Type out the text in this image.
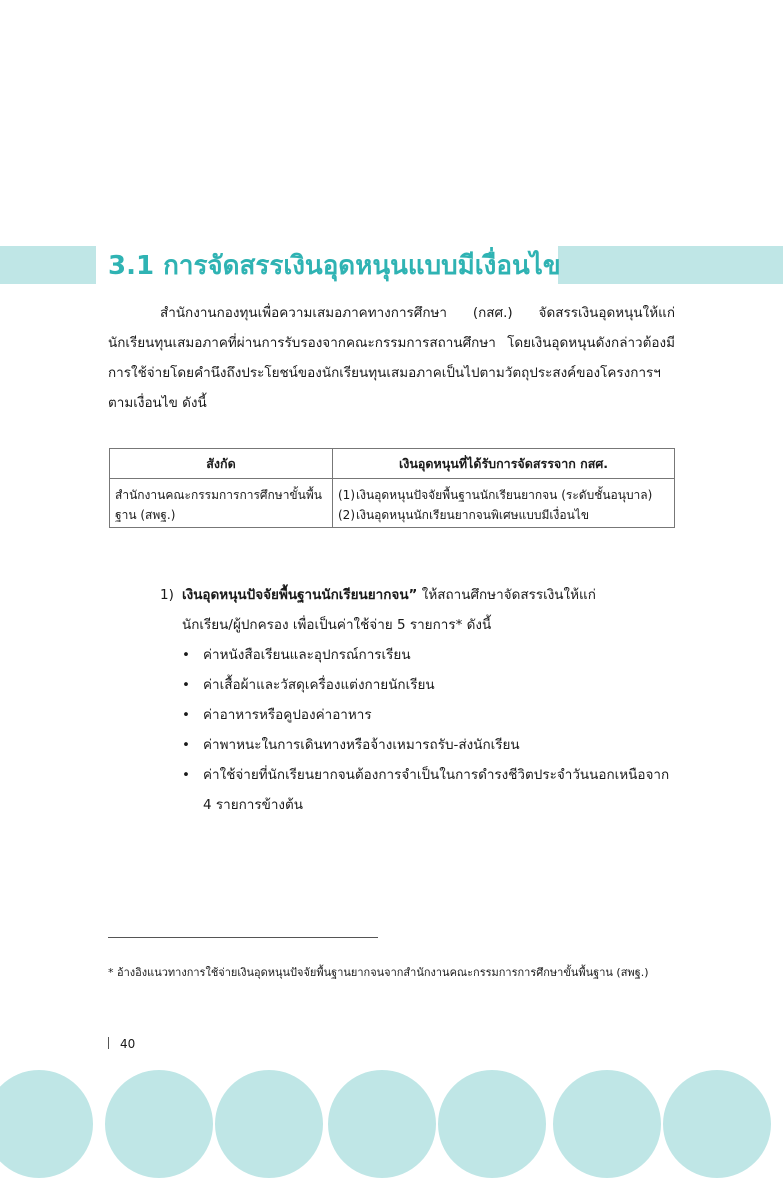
3.1 การจัดสรรเงินอุดหนุนแบบมีเงื่อนไข

สำนักงานกองทุนเพื่อความเสมอภาคทางการศึกษา (กสศ.) จัดสรรเงินอุดหนุนให้แก่นักเรียนทุนเสมอภาคที่ผ่านการรับรองจากคณะกรรมการสถานศึกษา โดยเงินอุดหนุนดังกล่าวต้องมีการใช้จ่ายโดยคำนึงถึงประโยชน์ของนักเรียนทุนเสมอภาคเป็นไปตามวัตถุประสงค์ของโครงการฯ ตามเงื่อนไข ดังนี้

สังกัด	เงินอุดหนุนที่ได้รับการจัดสรรจาก กสศ.
สำนักงานคณะกรรมการการศึกษาขั้นพื้นฐาน (สพฐ.)	(1) เงินอุดหนุนปัจจัยพื้นฐานนักเรียนยากจน (ระดับชั้นอนุบาล)
(2) เงินอุดหนุนนักเรียนยากจนพิเศษแบบมีเงื่อนไข
1) เงินอุดหนุนปัจจัยพื้นฐานนักเรียนยากจน” ให้สถานศึกษาจัดสรรเงินให้แก่
นักเรียน/ผู้ปกครอง เพื่อเป็นค่าใช้จ่าย 5 รายการ* ดังนี้
• ค่าหนังสือเรียนและอุปกรณ์การเรียน
• ค่าเสื้อผ้าและวัสดุเครื่องแต่งกายนักเรียน
• ค่าอาหารหรือคูปองค่าอาหาร
• ค่าพาหนะในการเดินทางหรือจ้างเหมารถรับ-ส่งนักเรียน
• ค่าใช้จ่ายที่นักเรียนยากจนต้องการจำเป็นในการดำรงชีวิตประจำวันนอกเหนือจาก 4 รายการข้างต้น

* อ้างอิงแนวทางการใช้จ่ายเงินอุดหนุนปัจจัยพื้นฐานยากจนจากสำนักงานคณะกรรมการการศึกษาขั้นพื้นฐาน (สพฐ.)

40
